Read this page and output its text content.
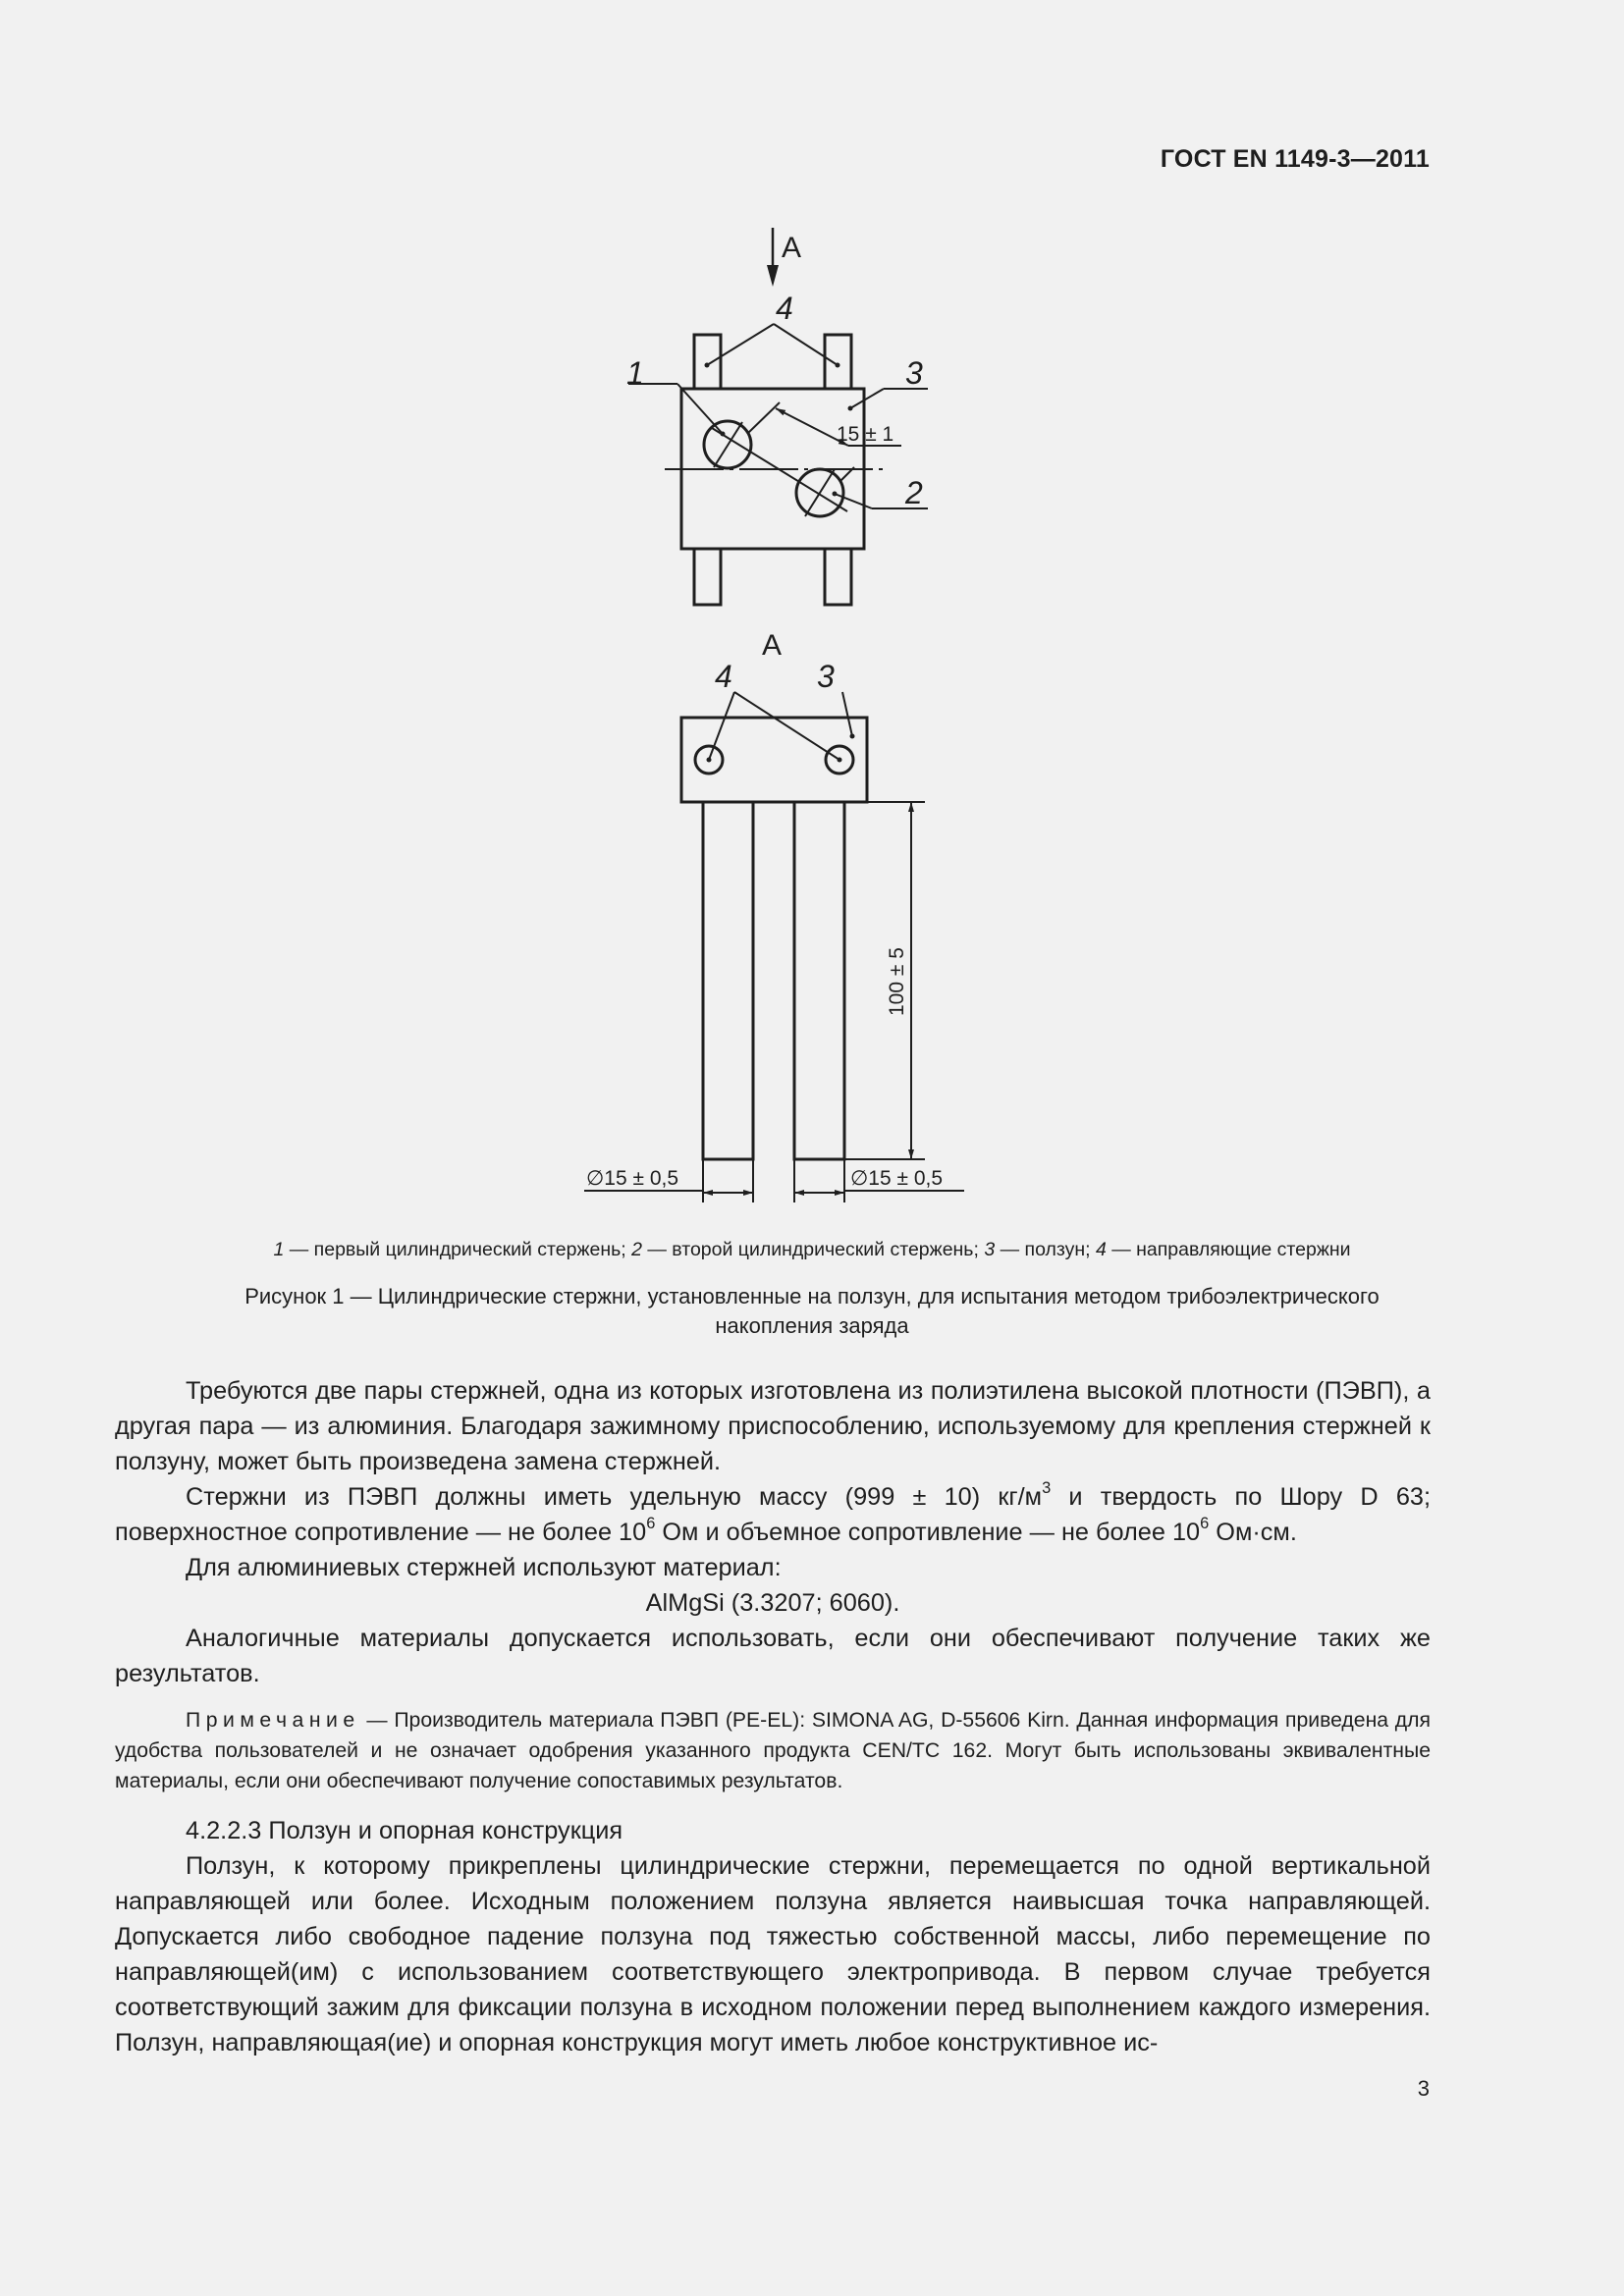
ГОСТ EN 1149-3—2011
А
4
1	3
2
15 ± 1
А
4	3
100 ± 5
∅15 ± 0,5	∅15 ± 0,5
1 — первый цилиндрический стержень; 2 — второй цилиндрический стержень; 3 — ползун; 4 — направляющие стержни
Рисунок 1 — Цилиндрические стержни, установленные на ползун, для испытания методом трибоэлектрического
накопления заряда

Требуются две пары стержней, одна из которых изготовлена из полиэтилена высокой плотности (ПЭВП), а другая пара — из алюминия. Благодаря зажимному приспособлению, используемому для крепления стержней к ползуну, может быть произведена замена стержней.

Стержни из ПЭВП должны иметь удельную массу (999 ± 10) $кг/м^3$ и твердость по Шору D 63; поверхностное сопротивление — не более $10^6$ Ом и объемное сопротивление — не более $10^6$ Ом·см.

Для алюминиевых стержней используют материал:

AlMgSi (3.3207; 6060).

Аналогичные материалы допускается использовать, если они обеспечивают получение таких же результатов.

Примечание — Производитель материала ПЭВП (PE-EL): SIMONA AG, D-55606 Kirn. Данная информация приведена для удобства пользователей и не означает одобрения указанного продукта CEN/TC 162. Могут быть использованы эквивалентные материалы, если они обеспечивают получение сопоставимых результатов.

4.2.2.3 Ползун и опорная конструкция

Ползун, к которому прикреплены цилиндрические стержни, перемещается по одной вертикальной направляющей или более. Исходным положением ползуна является наивысшая точка направляющей. Допускается либо свободное падение ползуна под тяжестью собственной массы, либо перемещение по направляющей(им) с использованием соответствующего электропривода. В первом случае требуется соответствующий зажим для фиксации ползуна в исходном положении перед выполнением каждого измерения. Ползун, направляющая(ие) и опорная конструкция могут иметь любое конструктивное ис-

3
